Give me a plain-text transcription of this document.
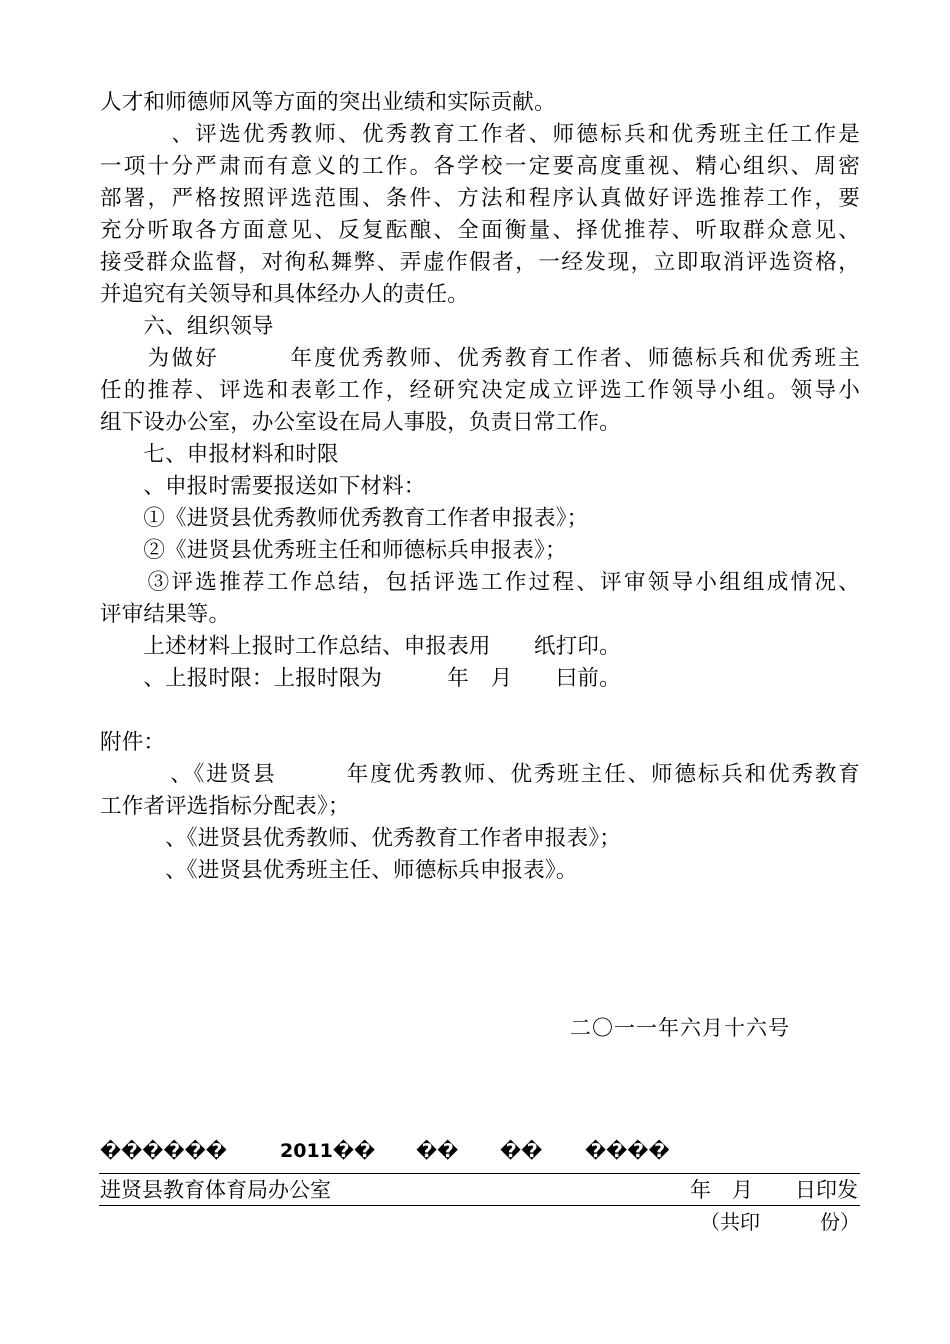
人才和师德师风等方面的突出业绩和实际贡献。
　　　、评选优秀教师、优秀教育工作者、师德标兵和优秀班主任工作是
一项十分严肃而有意义的工作。各学校一定要高度重视、精心组织、周密
部署，严格按照评选范围、条件、方法和程序认真做好评选推荐工作，要
充分听取各方面意见、反复酝酿、全面衡量、择优推荐、听取群众意见、
接受群众监督，对徇私舞弊、弄虚作假者，一经发现，立即取消评选资格，
并追究有关领导和具体经办人的责任。
　　六、组织领导
　　为做好　　　年度优秀教师、优秀教育工作者、师德标兵和优秀班主
任的推荐、评选和表彰工作，经研究决定成立评选工作领导小组。领导小
组下设办公室，办公室设在局人事股，负责日常工作。
　　七、申报材料和时限
　　、申报时需要报送如下材料：
　　①《进贤县优秀教师优秀教育工作者申报表》；
　　②《进贤县优秀班主任和师德标兵申报表》；
　　③评选推荐工作总结，包括评选工作过程、评审领导小组组成情况、
评审结果等。
　　上述材料上报时工作总结、申报表用　　纸打印。
　　、上报时限：上报时限为　　　年　月　　曰前。
附件：
　　　、《进贤县　　　年度优秀教师、优秀班主任、师德标兵和优秀教育
工作者评选指标分配表》；
　　　、《进贤县优秀教师、优秀教育工作者申报表》；
　　　、《进贤县优秀班主任、师德标兵申报表》。
二〇一一年六月十六号
������	2011�� �� �� ����
进贤县教育体育局办公室	年　月　　日印发
（共印　　　份）
